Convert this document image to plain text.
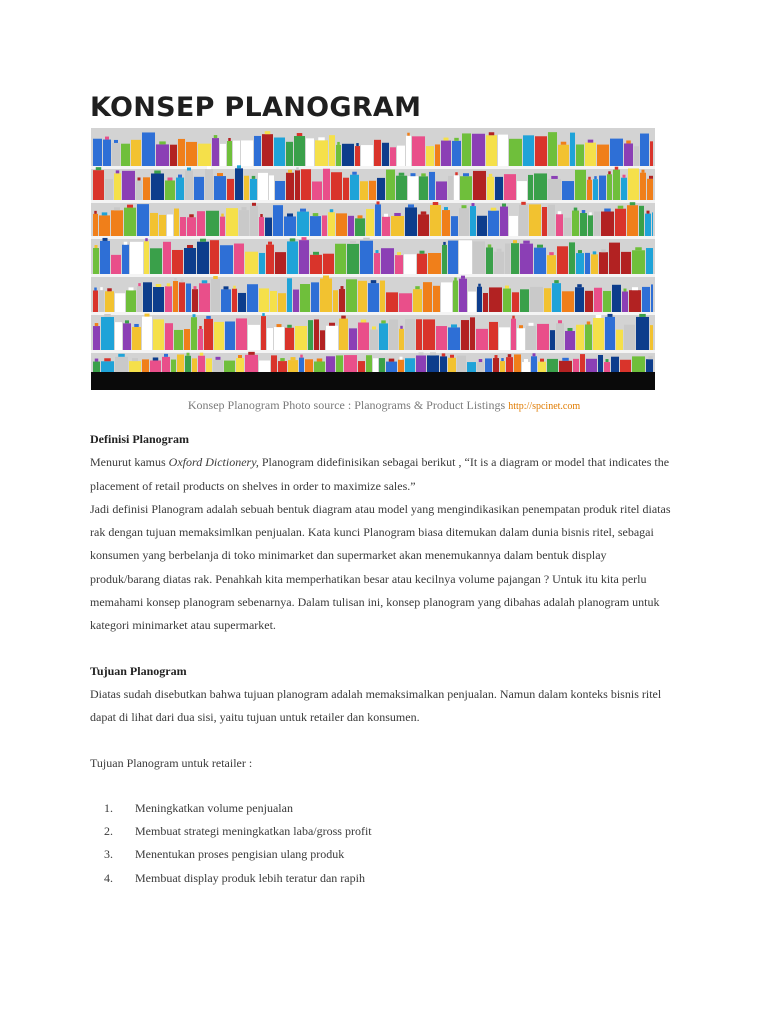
KONSEP PLANOGRAM
Konsep Planogram Photo source : Planograms & Product Listings http://spcinet.com

Definisi Planogram

Menurut kamus Oxford Dictionery, Planogram didefinisikan sebagai berikut , “It is a diagram or model that indicates the placement of retail products on shelves in order to maximize sales.”

Jadi definisi Planogram adalah sebuah bentuk diagram atau model yang mengindikasikan penempatan produk ritel diatas rak dengan tujuan memaksimlkan penjualan. Kata kunci Planogram biasa ditemukan dalam dunia bisnis ritel, sebagai konsumen yang berbelanja di toko minimarket dan supermarket akan menemukannya dalam bentuk display produk/barang diatas rak. Penahkah kita memperhatikan besar atau kecilnya volume pajangan ? Untuk itu kita perlu memahami konsep planogram sebenarnya. Dalam tulisan ini, konsep planogram yang dibahas adalah planogram untuk kategori minimarket atau supermarket.

Tujuan Planogram

Diatas sudah disebutkan bahwa tujuan planogram adalah memaksimalkan penjualan. Namun dalam konteks bisnis ritel dapat di lihat dari dua sisi, yaitu tujuan untuk retailer dan konsumen.

Tujuan Planogram untuk retailer :

1. Meningkatkan volume penjualan
2. Membuat strategi meningkatkan laba/gross profit
3. Menentukan proses pengisian ulang produk
4. Membuat display produk lebih teratur dan rapih
